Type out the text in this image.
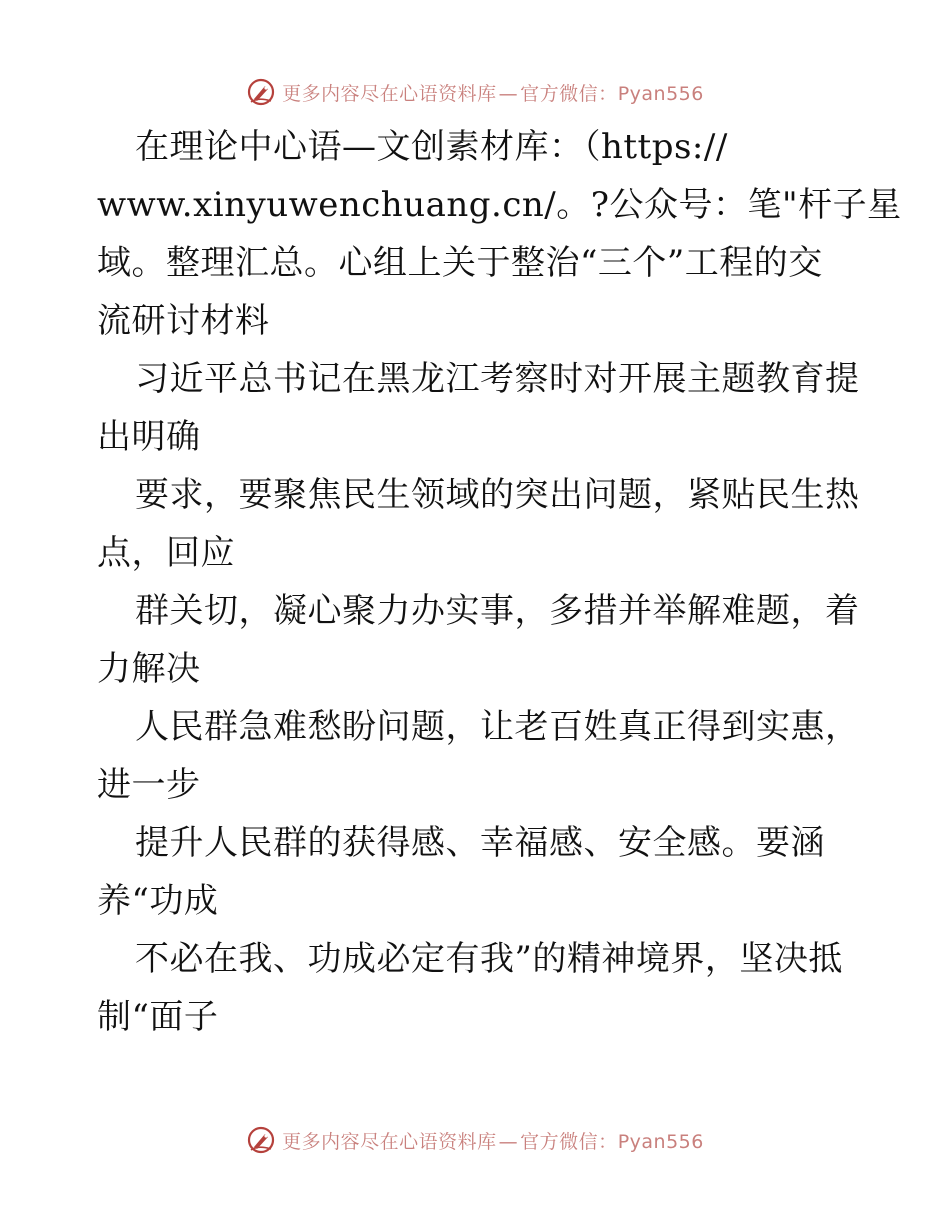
更多内容尽在心语资料库 — 官方微信：Pyan556
在理论中心语—文创素材库：（https://
www.xinyuwenchuang.cn/。?公众号：笔"杆子星
域。整理汇总。心组上关于整治“三个”工程的交
流研讨材料
习近平总书记在黑龙江考察时对开展主题教育提
出明确
要求，要聚焦民生领域的突出问题，紧贴民生热
点，回应
群关切，凝心聚力办实事，多措并举解难题，着
力解决
人民群急难愁盼问题，让老百姓真正得到实惠，
进一步
提升人民群的获得感、幸福感、安全感。要涵
养“功成
不必在我、功成必定有我”的精神境界，坚决抵
制“面子
更多内容尽在心语资料库 — 官方微信：Pyan556
